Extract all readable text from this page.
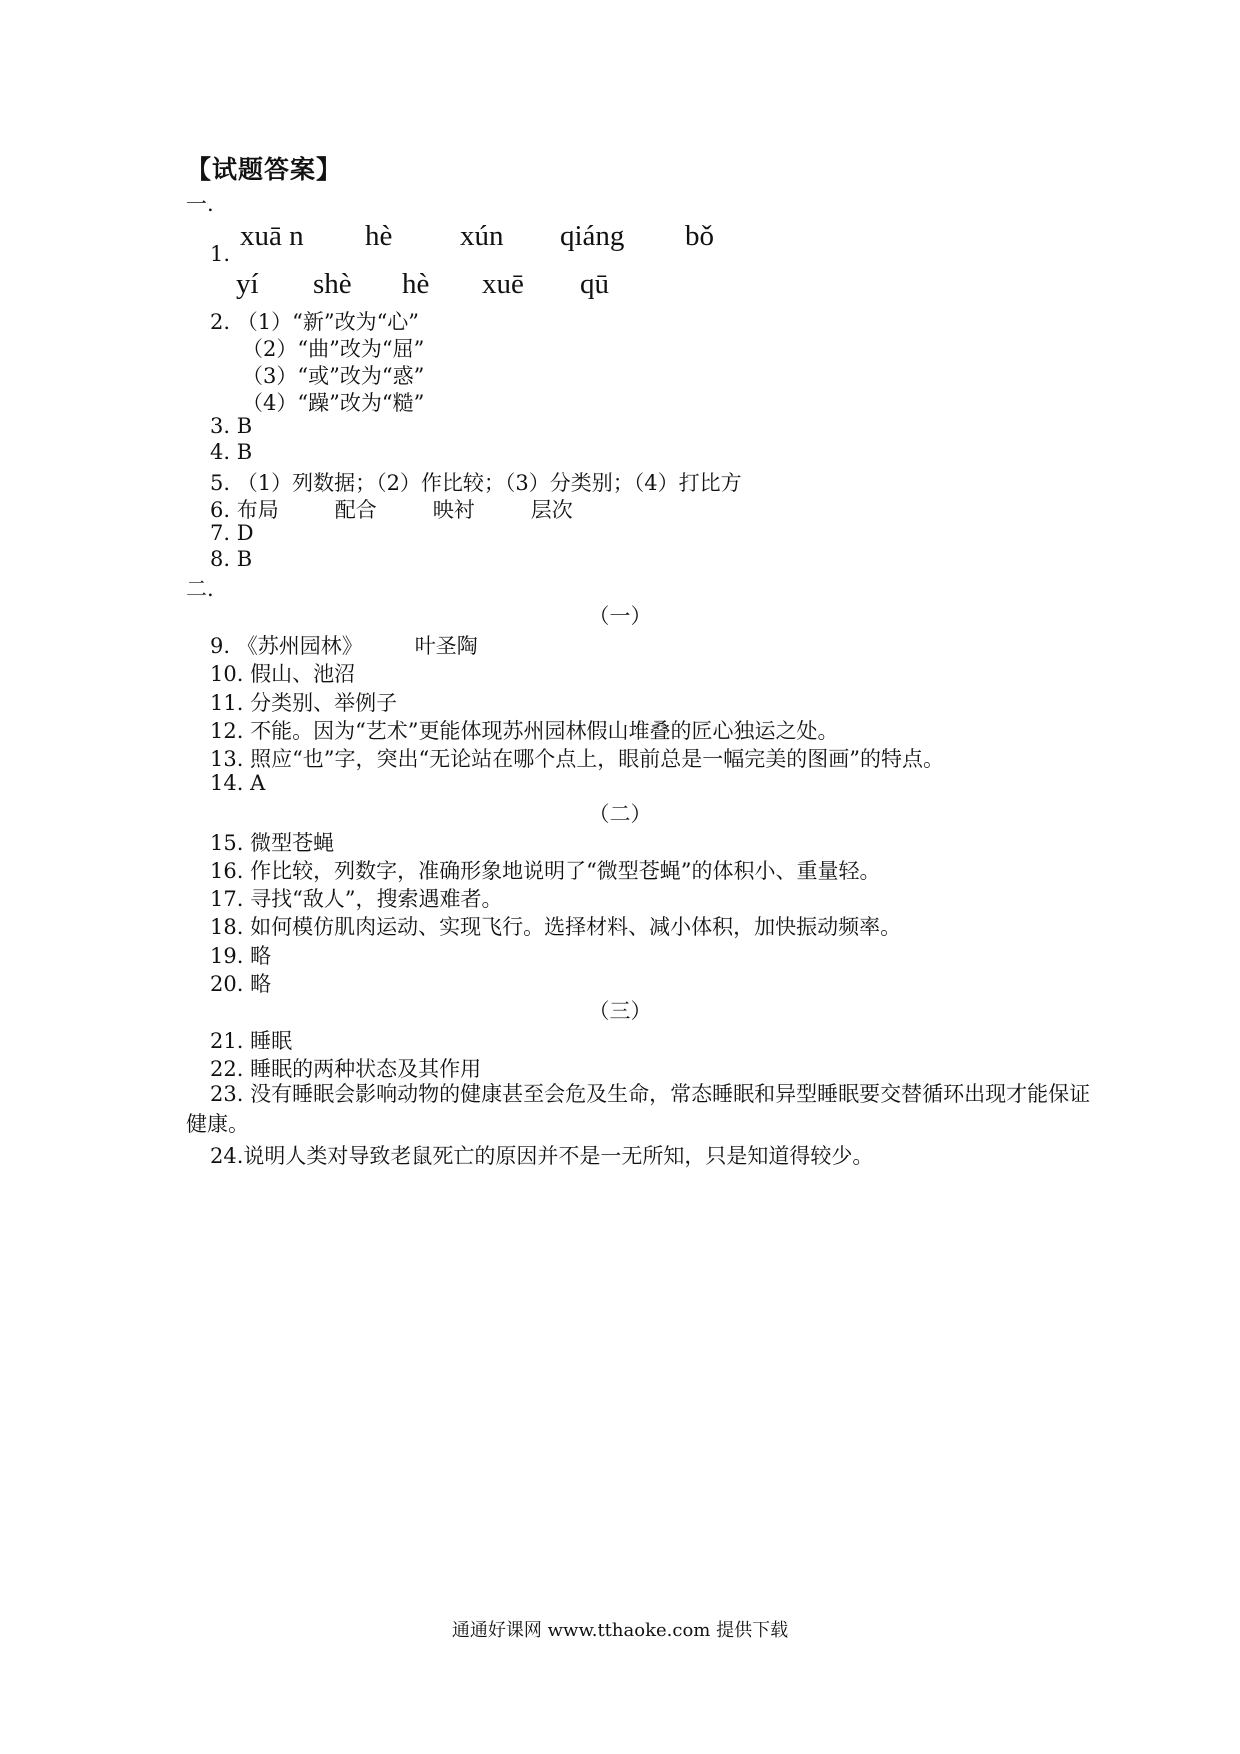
【试题答案】
一.
1.
xuā n hè xún qiáng bǒ
yí shè hè xuē qū
2. （1）“新”改为“心”
（2）“曲”改为“屈”
（3）“或”改为“惑”
（4）“躁”改为“糙”
3. B
4. B
5. （1）列数据；（2）作比较；（3）分类别；（4）打比方
6. 布局	配合	映衬	层次
7. D
8. B
二.
（一）
9. 《苏州园林》 叶圣陶
10. 假山、池沼
11. 分类别、举例子
12. 不能。因为“艺术”更能体现苏州园林假山堆叠的匠心独运之处。
13. 照应“也”字，突出“无论站在哪个点上，眼前总是一幅完美的图画”的特点。
14. A
（二）
15. 微型苍蝇
16. 作比较，列数字，准确形象地说明了“微型苍蝇”的体积小、重量轻。
17. 寻找“敌人”，搜索遇难者。
18. 如何模仿肌肉运动、实现飞行。选择材料、减小体积，加快振动频率。
19. 略
20. 略
（三）
21. 睡眠
22. 睡眠的两种状态及其作用
23. 没有睡眠会影响动物的健康甚至会危及生命，常态睡眠和异型睡眠要交替循环出现才能保证健康。
24.说明人类对导致老鼠死亡的原因并不是一无所知，只是知道得较少。
通通好课网 www.tthaoke.com 提供下载
